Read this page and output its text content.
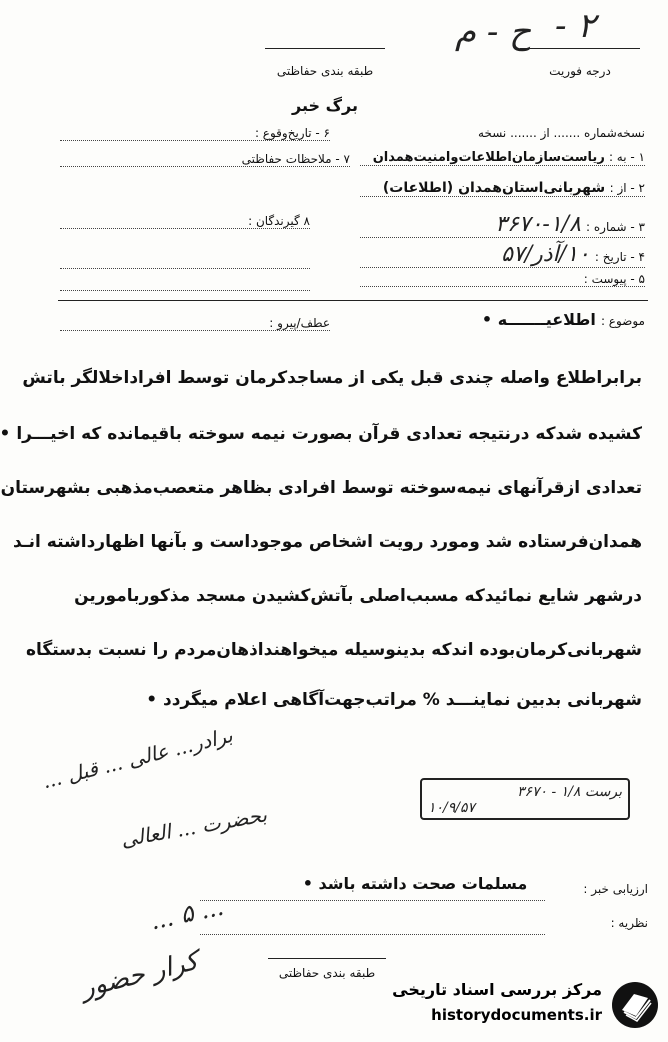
ح - م ۲ -
درجه فوریت
طبقه بندی حفاظتی
برگ خبر
نسخه‌شماره ....... از ....... نسخه
۶ - تاریخ‌وقوع :
۱ - به : ریاست‌سازمان‌اطلاعات‌وامنیت‌همدان
۷ - ملاحظات حفاظتی
۲ - از : شهربانی‌استان‌همدان (اطلاعات)
۸ گیرندگان :	۳ - شماره : ۱/۸-۳۶۷۰
۴ - تاریخ : ۱۰/آذر/۵۷
۵ - پیوست :
موضوع : اطلاعیـــــــه •
عطف/پیرو :
برابراطلاع واصله چندی قبل یکی از مساجدکرمان توسط افراداخلالگر باتش
کشیده شدکه درنتیجه تعدادی قرآن بصورت نیمه سوخته باقیمانده که اخیـــرا •
تعدادی ازقرآنهای نیمه‌سوخته توسط افرادی بظاهر متعصب‌مذهبی بشهرستان
همدان‌فرستاده شد ومورد رویت اشخاص موجوداست و بآنها اظهارداشته انـد
درشهر شایع نمائیدکه مسبب‌اصلی بآتش‌کشیدن مسجد مذکوربامورین
شهربانی‌کرمان‌بوده اندکه بدینوسیله میخواهنداذهان‌مردم را نسبت بدستگاه
شهربانی بدبین نماینـــد % مراتب‌جهت‌آگاهی اعلام میگردد •
برادر... عالی ... قبل ...
بحضرت ... العالی
... ۵ ...
کرار حضور
برست ۱/۸ - ۳۶۷۰
۱۰/۹/۵۷
مسلمات صحت داشته باشد •	ارزیابی خبر :
نظریه :
طبقه بندی حفاظتی
مرکز بررسی اسناد تاریخی
historydocuments.ir
